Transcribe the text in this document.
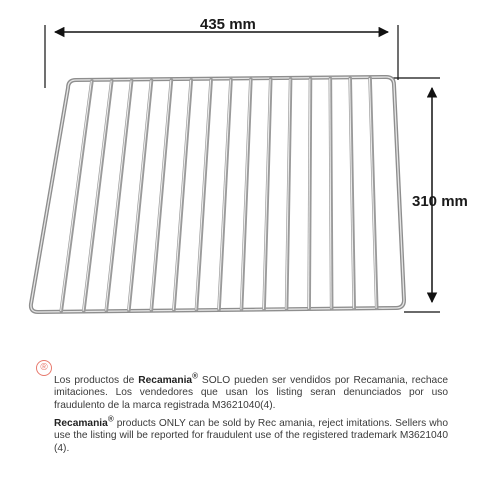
435 mm
310 mm
®
Los productos de Recamania® SOLO pueden ser vendidos por Recamania, rechace imitaciones. Los vendedores que usan los listing seran denunciados por uso fraudulento de la marca registrada M3621040(4).
Recamania® products ONLY can be sold by Rec amania, reject imitations. Sellers who use the listing will be reported for fraudulent use of the registered trademark M3621040 (4).
